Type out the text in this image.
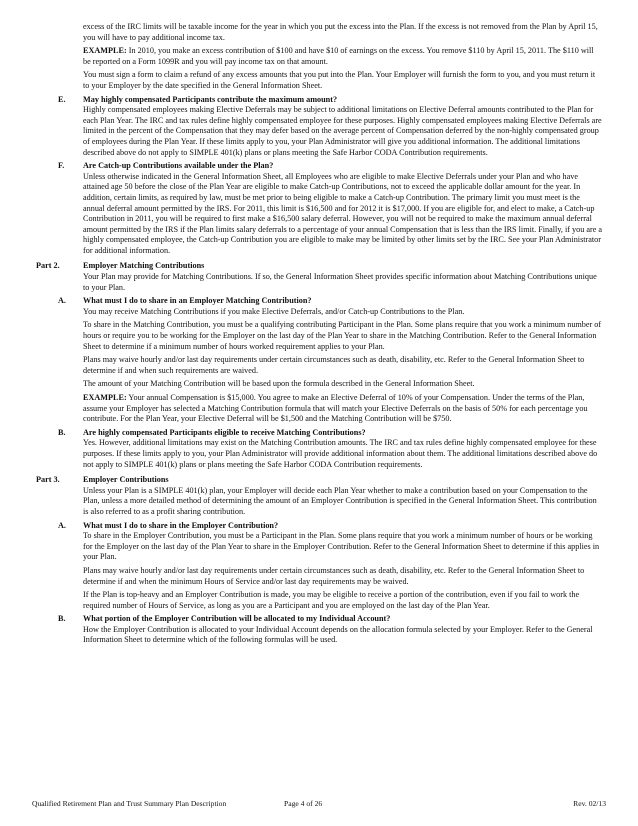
excess of the IRC limits will be taxable income for the year in which you put the excess into the Plan. If the excess is not removed from the Plan by April 15, you will have to pay additional income tax.

EXAMPLE: In 2010, you make an excess contribution of $100 and have $10 of earnings on the excess. You remove $110 by April 15, 2011. The $110 will be reported on a Form 1099R and you will pay income tax on that amount.

You must sign a form to claim a refund of any excess amounts that you put into the Plan. Your Employer will furnish the form to you, and you must return it to your Employer by the date specified in the General Information Sheet.

E. May highly compensated Participants contribute the maximum amount?

Highly compensated employees making Elective Deferrals may be subject to additional limitations on Elective Deferral amounts contributed to the Plan for each Plan Year. The IRC and tax rules define highly compensated employee for these purposes. Highly compensated employees making Elective Deferrals are limited in the percent of the Compensation that they may defer based on the average percent of Compensation deferred by the non-highly compensated group of employees during the Plan Year. If these limits apply to you, your Plan Administrator will give you additional information. The additional limitations described above do not apply to SIMPLE 401(k) plans or plans meeting the Safe Harbor CODA Contribution requirements.

F. Are Catch-up Contributions available under the Plan?

Unless otherwise indicated in the General Information Sheet, all Employees who are eligible to make Elective Deferrals under your Plan and who have attained age 50 before the close of the Plan Year are eligible to make Catch-up Contributions, not to exceed the applicable dollar amount for the year. In addition, certain limits, as required by law, must be met prior to being eligible to make a Catch-up Contribution. The primary limit you must meet is the annual deferral amount permitted by the IRS. For 2011, this limit is $16,500 and for 2012 it is $17,000. If you are eligible for, and elect to make, a Catch-up Contribution in 2011, you will be required to first make a $16,500 salary deferral. However, you will not be required to make the maximum annual deferral amount permitted by the IRS if the Plan limits salary deferrals to a percentage of your annual Compensation that is less than the IRS limit. Finally, if you are a highly compensated employee, the Catch-up Contribution you are eligible to make may be limited by other limits set by the IRC. See your Plan Administrator for additional information.

Part 2.	Employer Matching Contributions

Your Plan may provide for Matching Contributions. If so, the General Information Sheet provides specific information about Matching Contributions unique to your Plan.

A. What must I do to share in an Employer Matching Contribution?

You may receive Matching Contributions if you make Elective Deferrals, and/or Catch-up Contributions to the Plan.

To share in the Matching Contribution, you must be a qualifying contributing Participant in the Plan. Some plans require that you work a minimum number of hours or require you to be working for the Employer on the last day of the Plan Year to share in the Matching Contribution. Refer to the General Information Sheet to determine if a minimum number of hours worked requirement applies to your Plan.

Plans may waive hourly and/or last day requirements under certain circumstances such as death, disability, etc. Refer to the General Information Sheet to determine if and when such requirements are waived.

The amount of your Matching Contribution will be based upon the formula described in the General Information Sheet.

EXAMPLE: Your annual Compensation is $15,000. You agree to make an Elective Deferral of 10% of your Compensation. Under the terms of the Plan, assume your Employer has selected a Matching Contribution formula that will match your Elective Deferrals on the basis of 50% for each percentage you contribute. For the Plan Year, your Elective Deferral will be $1,500 and the Matching Contribution will be $750.

B. Are highly compensated Participants eligible to receive Matching Contributions?

Yes. However, additional limitations may exist on the Matching Contribution amounts. The IRC and tax rules define highly compensated employee for these purposes. If these limits apply to you, your Plan Administrator will provide additional information about them. The additional limitations described above do not apply to SIMPLE 401(k) plans or plans meeting the Safe Harbor CODA Contribution requirements.

Part 3.	Employer Contributions

Unless your Plan is a SIMPLE 401(k) plan, your Employer will decide each Plan Year whether to make a contribution based on your Compensation to the Plan, unless a more detailed method of determining the amount of an Employer Contribution is specified in the General Information Sheet. This contribution is also referred to as a profit sharing contribution.

A. What must I do to share in the Employer Contribution?

To share in the Employer Contribution, you must be a Participant in the Plan. Some plans require that you work a minimum number of hours or be working for the Employer on the last day of the Plan Year to share in the Employer Contribution. Refer to the General Information Sheet to determine if this applies in your Plan.

Plans may waive hourly and/or last day requirements under certain circumstances such as death, disability, etc. Refer to the General Information Sheet to determine if and when the minimum Hours of Service and/or last day requirements may be waived.

If the Plan is top-heavy and an Employer Contribution is made, you may be eligible to receive a portion of the contribution, even if you fail to work the required number of Hours of Service, as long as you are a Participant and you are employed on the last day of the Plan Year.

B. What portion of the Employer Contribution will be allocated to my Individual Account?

How the Employer Contribution is allocated to your Individual Account depends on the allocation formula selected by your Employer. Refer to the General Information Sheet to determine which of the following formulas will be used.

Qualified Retirement Plan and Trust Summary Plan Description	Page 4 of 26	Rev. 02/13
